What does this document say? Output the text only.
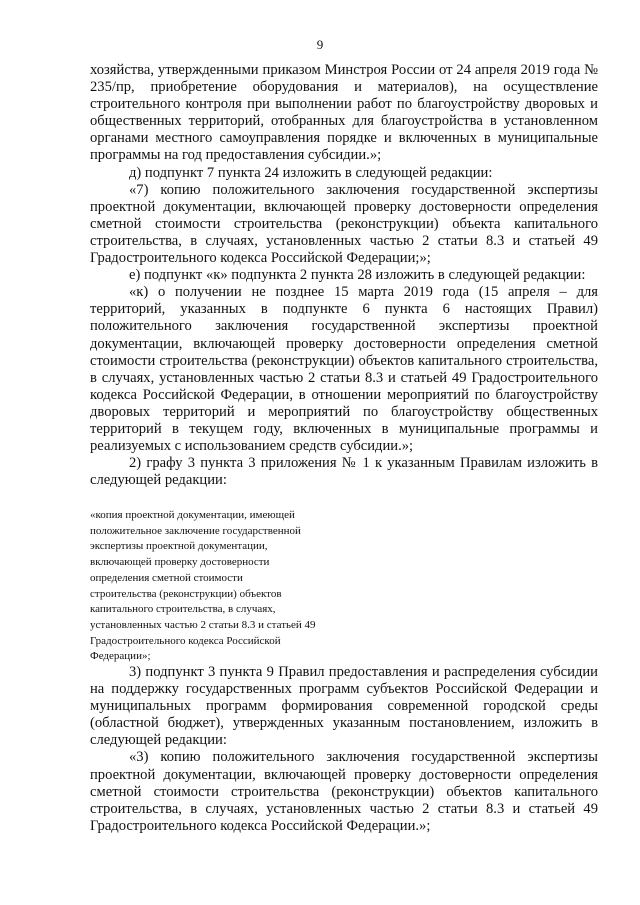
9

хозяйства, утвержденными приказом Минстроя России от 24 апреля 2019 года № 235/пр, приобретение оборудования и материалов), на осуществление строительного контроля при выполнении работ по благоустройству дворовых и общественных территорий, отобранных для благоустройства в установленном органами местного самоуправления порядке и включенных в муниципальные программы на год предоставления субсидии.»;

д) подпункт 7 пункта 24 изложить в следующей редакции:

«7) копию положительного заключения государственной экспертизы проектной документации, включающей проверку достоверности определения сметной стоимости строительства (реконструкции) объекта капитального строительства, в случаях, установленных частью 2 статьи 8.3 и статьей 49 Градостроительного кодекса Российской Федерации;»;

е) подпункт «к» подпункта 2 пункта 28 изложить в следующей редакции:

«к) о получении не позднее 15 марта 2019 года (15 апреля – для территорий, указанных в подпункте 6 пункта 6 настоящих Правил) положительного заключения государственной экспертизы проектной документации, включающей проверку достоверности определения сметной стоимости строительства (реконструкции) объектов капитального строительства, в случаях, установленных частью 2 статьи 8.3 и статьей 49 Градостроительного кодекса Российской Федерации, в отношении мероприятий по благоустройству дворовых территорий и мероприятий по благоустройству общественных территорий в текущем году, включенных в муниципальные программы и реализуемых с использованием средств субсидии.»;

2) графу 3 пункта 3 приложения № 1 к указанным Правилам изложить в следующей редакции:

«копия проектной документации, имеющей
положительное заключение государственной
экспертизы проектной документации,
включающей проверку достоверности
определения сметной стоимости
строительства (реконструкции) объектов
капитального строительства, в случаях,
установленных частью 2 статьи 8.3 и статьей 49
Градостроительного кодекса Российской
Федерации»;

3) подпункт 3 пункта 9 Правил предоставления и распределения субсидии на поддержку государственных программ субъектов Российской Федерации и муниципальных программ формирования современной городской среды (областной бюджет), утвержденных указанным постановлением, изложить в следующей редакции:

«3) копию положительного заключения государственной экспертизы проектной документации, включающей проверку достоверности определения сметной стоимости строительства (реконструкции) объектов капитального строительства, в случаях, установленных частью 2 статьи 8.3 и статьей 49 Градостроительного кодекса Российской Федерации.»;
